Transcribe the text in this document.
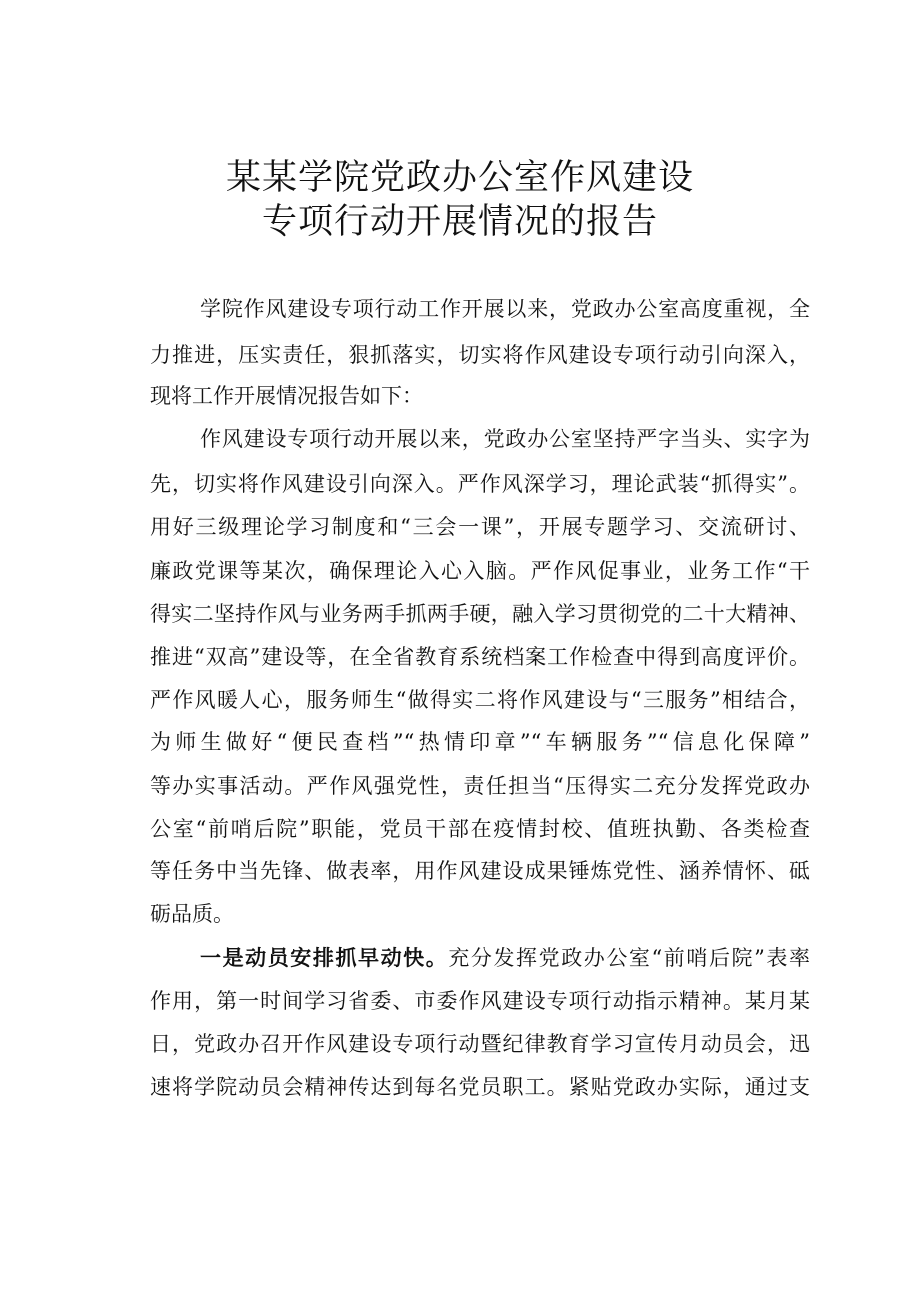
某某学院党政办公室作风建设
专项行动开展情况的报告
学院作风建设专项行动工作开展以来，党政办公室高度重视，全
力推进，压实责任，狠抓落实，切实将作风建设专项行动引向深入，
现将工作开展情况报告如下：
作风建设专项行动开展以来，党政办公室坚持严字当头、实字为
先，切实将作风建设引向深入。严作风深学习，理论武装“抓得实”。
用好三级理论学习制度和“三会一课”，开展专题学习、交流研讨、
廉政党课等某次，确保理论入心入脑。严作风促事业，业务工作“干
得实二坚持作风与业务两手抓两手硬，融入学习贯彻党的二十大精神、
推进“双高”建设等，在全省教育系统档案工作检查中得到高度评价。
严作风暖人心，服务师生“做得实二将作风建设与“三服务”相结合，
为师生做好“便民查档”“热情印章”“车辆服务”“信息化保障”
等办实事活动。严作风强党性，责任担当“压得实二充分发挥党政办
公室“前哨后院”职能，党员干部在疫情封校、值班执勤、各类检查
等任务中当先锋、做表率，用作风建设成果锤炼党性、涵养情怀、砥
砺品质。
一是动员安排抓早动快。充分发挥党政办公室“前哨后院”表率
作用，第一时间学习省委、市委作风建设专项行动指示精神。某月某
日，党政办召开作风建设专项行动暨纪律教育学习宣传月动员会，迅
速将学院动员会精神传达到每名党员职工。紧贴党政办实际，通过支
